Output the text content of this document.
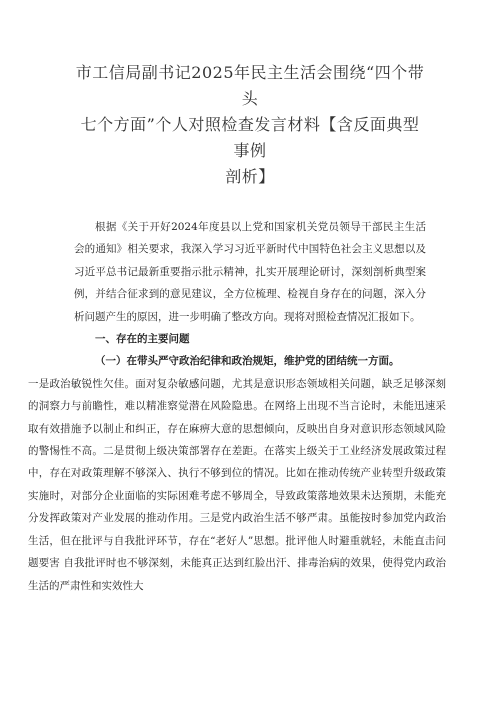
市工信局副书记2025年民主生活会围绕“四个带头
七个方面”个人对照检查发言材料【含反面典型事例
剖析】

根据《关于开好2024年度县以上党和国家机关党员领导干部民主生活会的通知》相关要求，我深入学习习近平新时代中国特色社会主义思想以及习近平总书记最新重要指示批示精神，扎实开展理论研讨，深刻剖析典型案例，并结合征求到的意见建议，全方位梳理、检视自身存在的问题，深入分析问题产生的原因，进一步明确了整改方向。现将对照检查情况汇报如下。

一、存在的主要问题

（一）在带头严守政治纪律和政治规矩，维护党的团结统一方面。

一是政治敏锐性欠佳。面对复杂敏感问题，尤其是意识形态领域相关问题，缺乏足够深刻的洞察力与前瞻性，难以精准察觉潜在风险隐患。在网络上出现不当言论时，未能迅速采取有效措施予以制止和纠正，存在麻痹大意的思想倾向，反映出自身对意识形态领域风险的警惕性不高。二是贯彻上级决策部署存在差距。在落实上级关于工业经济发展政策过程中，存在对政策理解不够深入、执行不够到位的情况。比如在推动传统产业转型升级政策实施时，对部分企业面临的实际困难考虑不够周全，导致政策落地效果未达预期，未能充分发挥政策对产业发展的推动作用。三是党内政治生活不够严肃。虽能按时参加党内政治生活，但在批评与自我批评环节，存在“老好人”思想。批评他人时避重就轻，未能直击问题要害 自我批评时也不够深刻，未能真正达到红脸出汗、排毒治病的效果，使得党内政治生活的严肃性和实效性大
